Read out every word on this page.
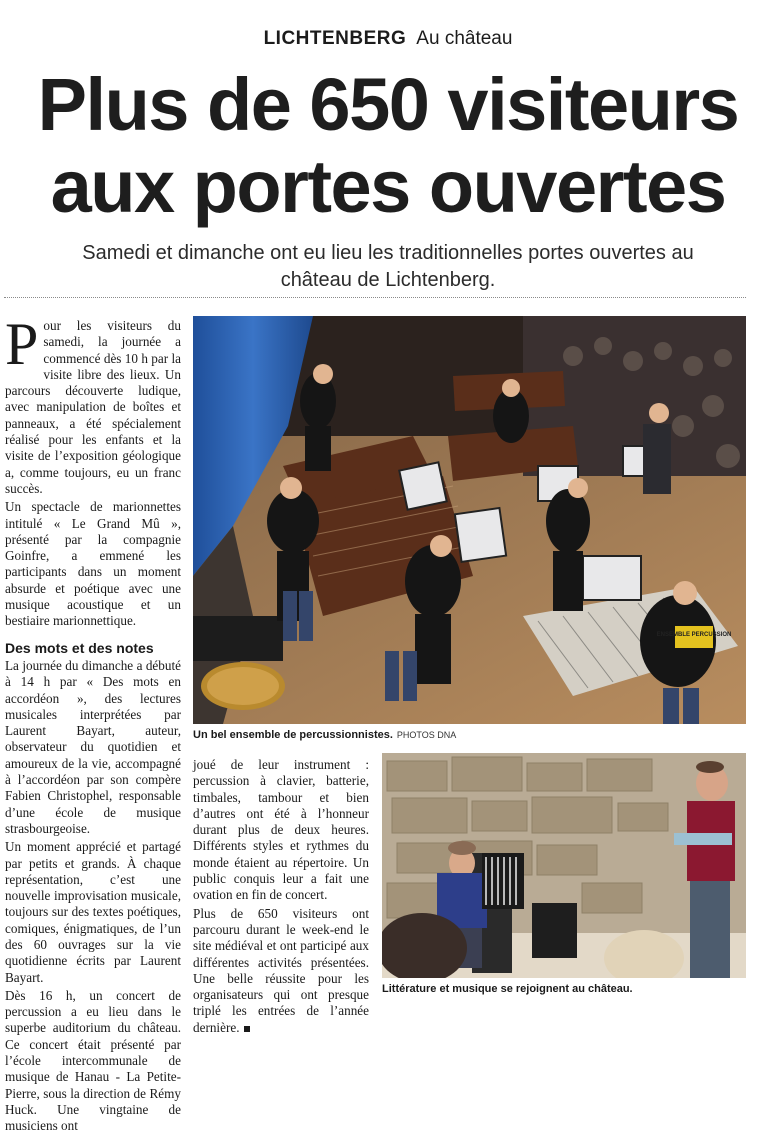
LICHTENBERG Au château
Plus de 650 visiteurs
aux portes ouvertes
Samedi et dimanche ont eu lieu les traditionnelles portes ouvertes au château de Lichtenberg.

Pour les visiteurs du samedi, la journée a commencé dès 10 h par la visite libre des lieux. Un parcours découverte ludique, avec manipulation de boîtes et panneaux, a été spécialement réalisé pour les enfants et la visite de l’exposition géologique a, comme toujours, eu un franc succès.

Un spectacle de marionnettes intitulé « Le Grand Mû », présenté par la compagnie Goinfre, a emmené les participants dans un moment absurde et poétique avec une musique acoustique et un bestiaire marionnettique.

Des mots et des notes

La journée du dimanche a débuté à 14 h par « Des mots en accordéon », des lectures musicales interprétées par Laurent Bayart, auteur, observateur du quotidien et amoureux de la vie, accompagné à l’accordéon par son compère Fabien Christophel, responsable d’une école de musique strasbourgeoise.

Un moment apprécié et partagé par petits et grands. À chaque représentation, c’est une nouvelle improvisation musicale, toujours sur des textes poétiques, comiques, énigmatiques, de l’un des 60 ouvrages sur la vie quotidienne écrits par Laurent Bayart.

Dès 16 h, un concert de percussion a eu lieu dans le superbe auditorium du château. Ce concert était présenté par l’école intercommunale de musique de Hanau - La Petite-Pierre, sous la direction de Rémy Huck. Une vingtaine de musiciens ont

ENSEMBLE PERCUSSION
Un bel ensemble de percussionnistes. PHOTOS DNA

joué de leur instrument : percussion à clavier, batterie, timbales, tambour et bien d’autres ont été à l’honneur durant plus de deux heures. Différents styles et rythmes du monde étaient au répertoire. Un public conquis leur a fait une ovation en fin de concert.

Plus de 650 visiteurs ont parcouru durant le week-end le site médiéval et ont participé aux différentes activités présentées. Une belle réussite pour les organisateurs qui ont presque triplé les entrées de l’année dernière.

Littérature et musique se rejoignent au château.
